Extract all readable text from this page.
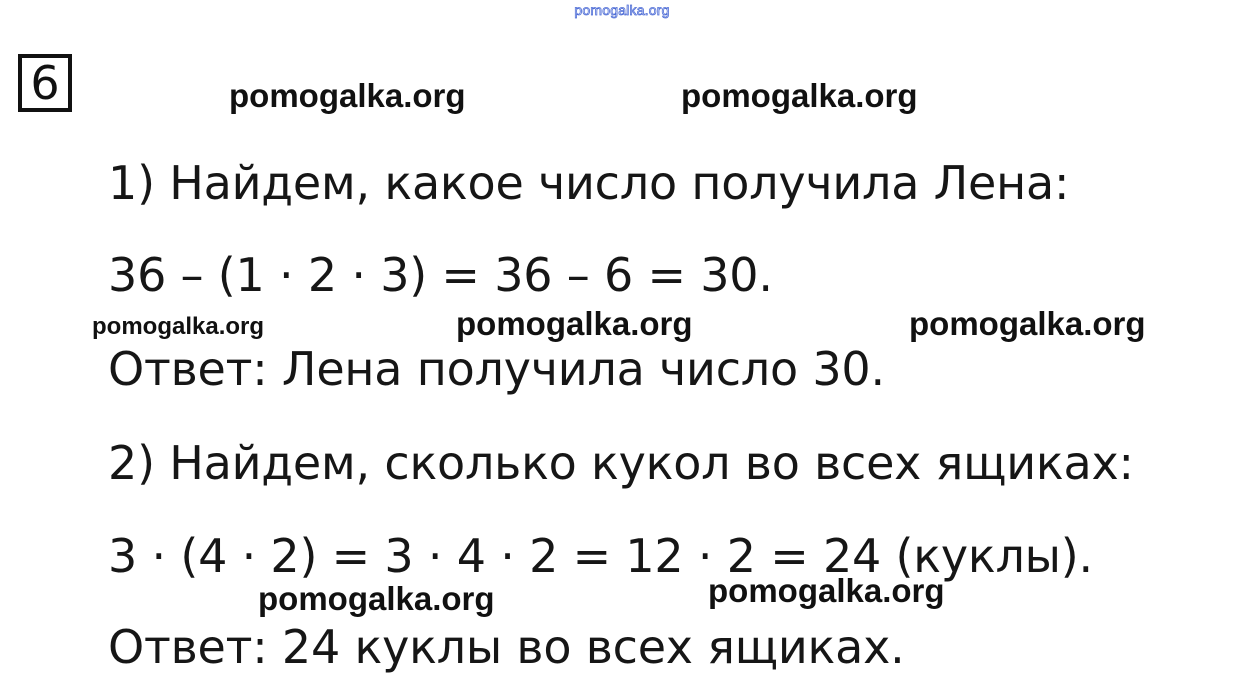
pomogalka.org
6	pomogalka.org	pomogalka.org
1) Найдем, какое число получила Лена:
36 – (1 · 2 · 3) = 36 – 6 = 30.
pomogalka.org	pomogalka.org	pomogalka.org
Ответ: Лена получила число 30.
2) Найдем, сколько кукол во всех ящиках:
3 · (4 · 2) = 3 · 4 · 2 = 12 · 2 = 24 (куклы).
pomogalka.org	pomogalka.org
Ответ: 24 куклы во всех ящиках.
